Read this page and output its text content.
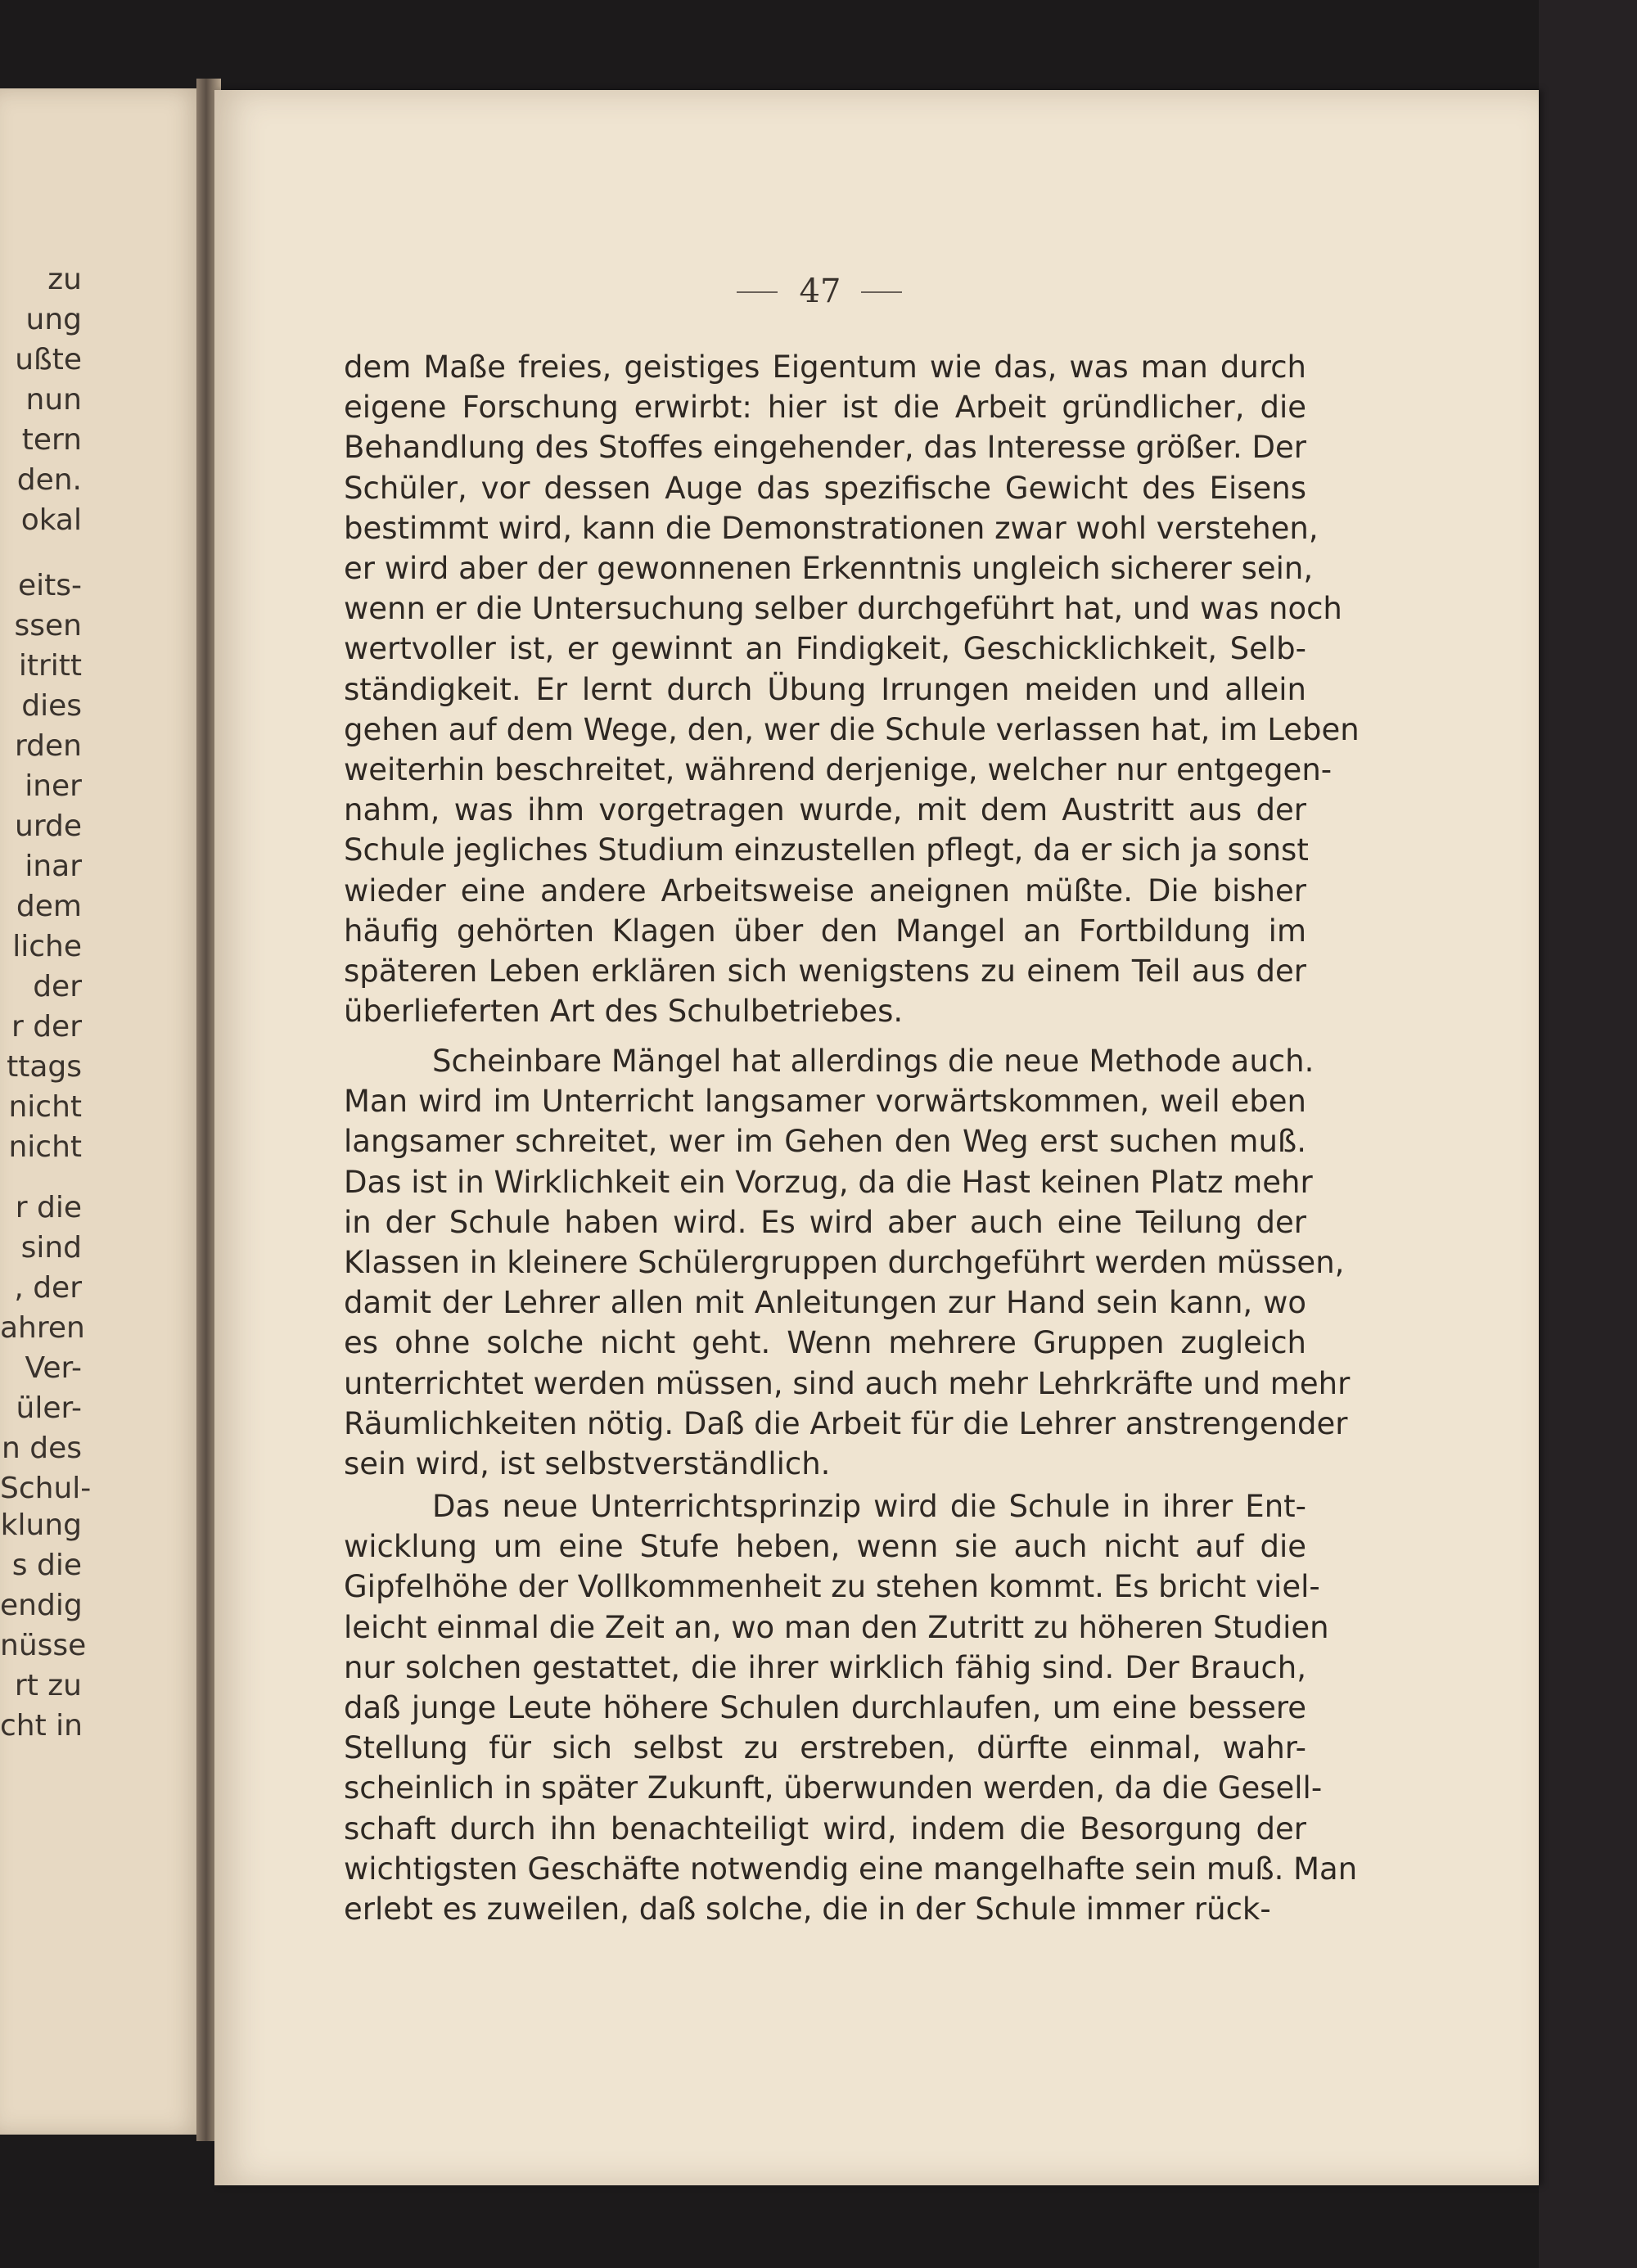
zu
ung
ußte
nun
tern
den.
okal
eits-
ssen
itritt
dies
rden
iner
urde
inar
dem
liche
der
r der
ttags
nicht
nicht
r die
sind
, der
ahren
Ver-
üler-
n des
Schul-
klung
s die
endig
nüsse
rt zu
cht in
47
dem Maße freies, geistiges Eigentum wie das, was man durch
eigene Forschung erwirbt: hier ist die Arbeit gründlicher, die
Behandlung des Stoffes eingehender, das Interesse größer. Der
Schüler, vor dessen Auge das spezifische Gewicht des Eisens
bestimmt wird, kann die Demonstrationen zwar wohl verstehen,
er wird aber der gewonnenen Erkenntnis ungleich sicherer sein,
wenn er die Untersuchung selber durchgeführt hat, und was noch
wertvoller ist, er gewinnt an Findigkeit, Geschicklichkeit, Selb-
ständigkeit. Er lernt durch Übung Irrungen meiden und allein
gehen auf dem Wege, den, wer die Schule verlassen hat, im Leben
weiterhin beschreitet, während derjenige, welcher nur entgegen-
nahm, was ihm vorgetragen wurde, mit dem Austritt aus der
Schule jegliches Studium einzustellen pflegt, da er sich ja sonst
wieder eine andere Arbeitsweise aneignen müßte. Die bisher
häufig gehörten Klagen über den Mangel an Fortbildung im
späteren Leben erklären sich wenigstens zu einem Teil aus der
überlieferten Art des Schulbetriebes.
Scheinbare Mängel hat allerdings die neue Methode auch.
Man wird im Unterricht langsamer vorwärtskommen, weil eben
langsamer schreitet, wer im Gehen den Weg erst suchen muß.
Das ist in Wirklichkeit ein Vorzug, da die Hast keinen Platz mehr
in der Schule haben wird. Es wird aber auch eine Teilung der
Klassen in kleinere Schülergruppen durchgeführt werden müssen,
damit der Lehrer allen mit Anleitungen zur Hand sein kann, wo
es ohne solche nicht geht. Wenn mehrere Gruppen zugleich
unterrichtet werden müssen, sind auch mehr Lehrkräfte und mehr
Räumlichkeiten nötig. Daß die Arbeit für die Lehrer anstrengender
sein wird, ist selbstverständlich.
Das neue Unterrichtsprinzip wird die Schule in ihrer Ent-
wicklung um eine Stufe heben, wenn sie auch nicht auf die
Gipfelhöhe der Vollkommenheit zu stehen kommt. Es bricht viel-
leicht einmal die Zeit an, wo man den Zutritt zu höheren Studien
nur solchen gestattet, die ihrer wirklich fähig sind. Der Brauch,
daß junge Leute höhere Schulen durchlaufen, um eine bessere
Stellung für sich selbst zu erstreben, dürfte einmal, wahr-
scheinlich in später Zukunft, überwunden werden, da die Gesell-
schaft durch ihn benachteiligt wird, indem die Besorgung der
wichtigsten Geschäfte notwendig eine mangelhafte sein muß. Man
erlebt es zuweilen, daß solche, die in der Schule immer rück-
